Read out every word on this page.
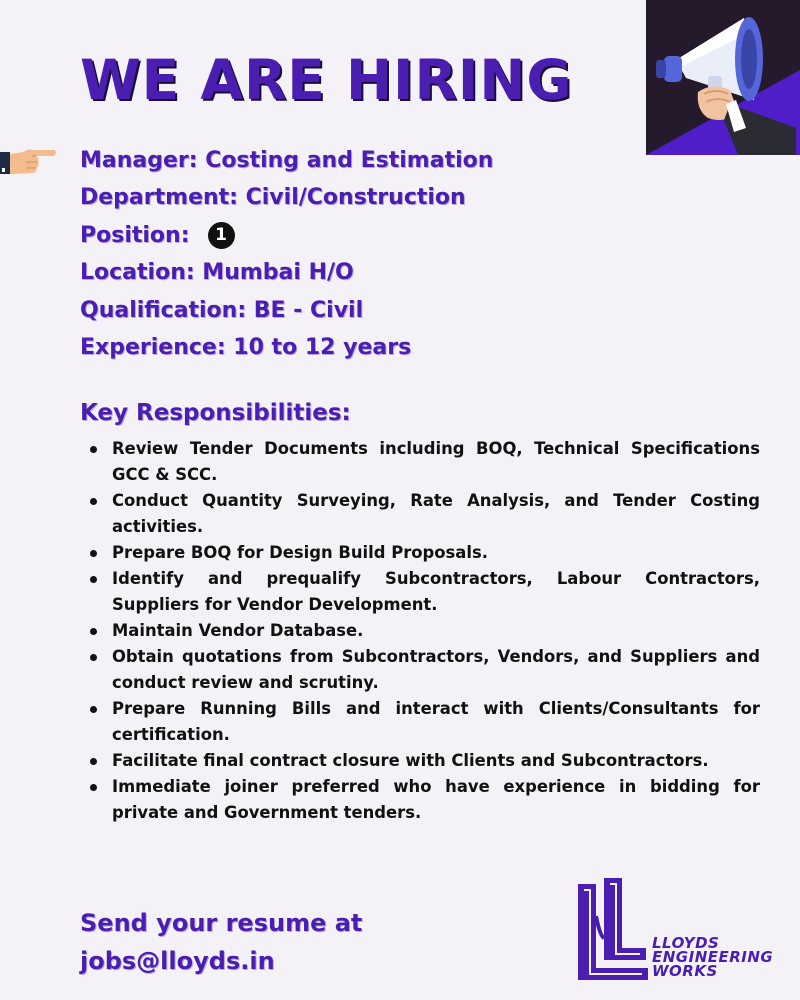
WE ARE HIRING
Manager: Costing and Estimation
Department: Civil/Construction
Position: 1
Location: Mumbai H/O
Qualification: BE - Civil
Experience: 10 to 12 years
Key Responsibilities:
Review Tender Documents including BOQ, Technical Specifications GCC & SCC.
Conduct Quantity Surveying, Rate Analysis, and Tender Costing activities.
Prepare BOQ for Design Build Proposals.
Identify and prequalify Subcontractors, Labour Contractors, Suppliers for Vendor Development.
Maintain Vendor Database.
Obtain quotations from Subcontractors, Vendors, and Suppliers and conduct review and scrutiny.
Prepare Running Bills and interact with Clients/Consultants for certification.
Facilitate final contract closure with Clients and Subcontractors.
Immediate joiner preferred who have experience in bidding for private and Government tenders.
Send your resume at
jobs@lloyds.in
LLOYDS
ENGINEERING
WORKS
